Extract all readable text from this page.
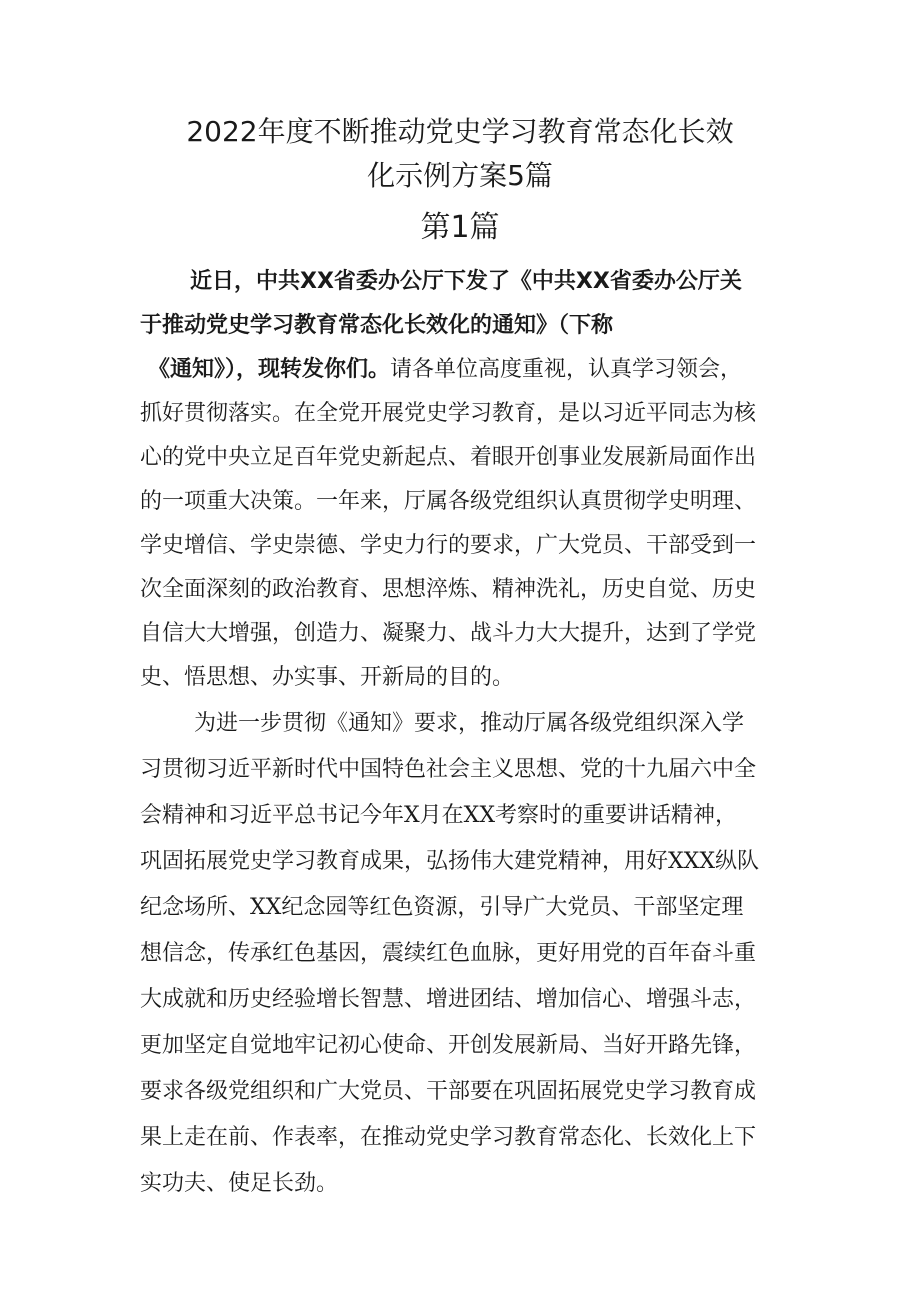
2022年度不断推动党史学习教育常态化长效
化示例方案5篇
第1篇
近日，中共XX省委办公厅下发了《中共XX省委办公厅关
于推动党史学习教育常态化长效化的通知》（下称
《通知》），现转发你们。请各单位高度重视，认真学习领会，
抓好贯彻落实。在全党开展党史学习教育，是以习近平同志为核
心的党中央立足百年党史新起点、着眼开创事业发展新局面作出
的一项重大决策。一年来，厅属各级党组织认真贯彻学史明理、
学史增信、学史崇德、学史力行的要求，广大党员、干部受到一
次全面深刻的政治教育、思想淬炼、精神洗礼，历史自觉、历史
自信大大增强，创造力、凝聚力、战斗力大大提升，达到了学党
史、悟思想、办实事、开新局的目的。
为进一步贯彻《通知》要求，推动厅属各级党组织深入学
习贯彻习近平新时代中国特色社会主义思想、党的十九届六中全
会精神和习近平总书记今年X月在XX考察时的重要讲话精神，
巩固拓展党史学习教育成果，弘扬伟大建党精神，用好XXX纵队
纪念场所、XX纪念园等红色资源，引导广大党员、干部坚定理
想信念，传承红色基因，震续红色血脉，更好用党的百年奋斗重
大成就和历史经验增长智慧、增进团结、增加信心、增强斗志，
更加坚定自觉地牢记初心使命、开创发展新局、当好开路先锋，
要求各级党组织和广大党员、干部要在巩固拓展党史学习教育成
果上走在前、作表率，在推动党史学习教育常态化、长效化上下
实功夫、使足长劲。
